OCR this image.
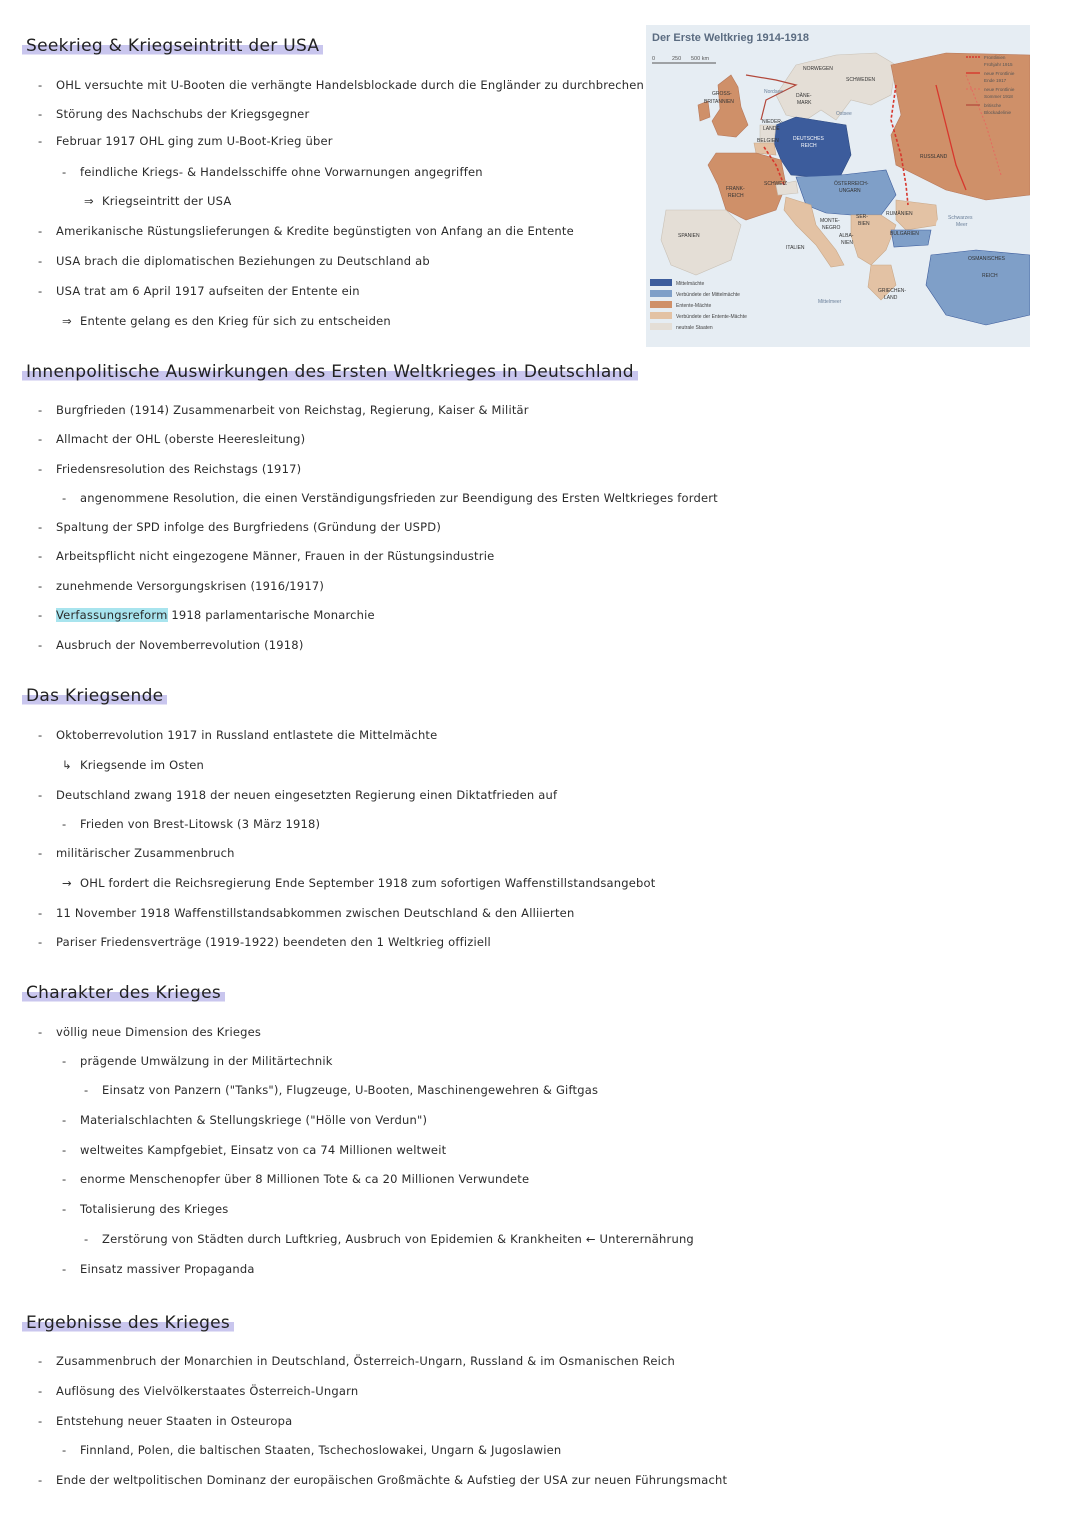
Der Erste Weltkrieg 1914-1918
0	250 500 km
NORWEGEN
SCHWEDEN
GROSS-
BRITANNIEN
DÄNE-
MARK
NIEDER-
LANDE
BELGIEN	DEUTSCHES
REICH
RUSSLAND
FRANK-
REICH
SCHWEIZ	ÖSTERREICH-
UNGARN
SPANIEN
MONTE-
NEGRO
SER-
BIEN
RUMÄNIEN
BULGARIEN
ALBA-
NIEN
ITALIEN
GRIECHEN-
LAND
OSMANISCHES
REICH
Nordsee
Ostsee
Schwarzes
Meer
Mittelmeer
Frontlinien
Frühjahr 1915
neue Frontlinie
Ende 1917
neue Frontlinie
Sommer 1918
britische
Blockadelinie
Mittelmächte
Verbündete der Mittelmächte
Entente-Mächte
Verbündete der Entente-Mächte
neutrale Staaten
Seekrieg & Kriegseintritt der USA
- OHL versuchte mit U-Booten die verhängte Handelsblockade durch die Engländer zu durchbrechen
- Störung des Nachschubs der Kriegsgegner
- Februar 1917 OHL ging zum U-Boot-Krieg über
- feindliche Kriegs- & Handelsschiffe ohne Vorwarnungen angegriffen
⇒ Kriegseintritt der USA
- Amerikanische Rüstungslieferungen & Kredite begünstigten von Anfang an die Entente
- USA brach die diplomatischen Beziehungen zu Deutschland ab
- USA trat am 6 April 1917 aufseiten der Entente ein
⇒ Entente gelang es den Krieg für sich zu entscheiden
Innenpolitische Auswirkungen des Ersten Weltkrieges in Deutschland
- Burgfrieden (1914) Zusammenarbeit von Reichstag, Regierung, Kaiser & Militär
- Allmacht der OHL (oberste Heeresleitung)
- Friedensresolution des Reichstags (1917)
- angenommene Resolution, die einen Verständigungsfrieden zur Beendigung des Ersten Weltkrieges fordert
- Spaltung der SPD infolge des Burgfriedens (Gründung der USPD)
- Arbeitspflicht nicht eingezogene Männer, Frauen in der Rüstungsindustrie
- zunehmende Versorgungskrisen (1916/1917)
- Verfassungsreform 1918 parlamentarische Monarchie
- Ausbruch der Novemberrevolution (1918)
Das Kriegsende
- Oktoberrevolution 1917 in Russland entlastete die Mittelmächte
↳ Kriegsende im Osten
- Deutschland zwang 1918 der neuen eingesetzten Regierung einen Diktatfrieden auf
- Frieden von Brest-Litowsk (3 März 1918)
- militärischer Zusammenbruch
→ OHL fordert die Reichsregierung Ende September 1918 zum sofortigen Waffenstillstandsangebot
- 11 November 1918 Waffenstillstandsabkommen zwischen Deutschland & den Alliierten
- Pariser Friedensverträge (1919-1922) beendeten den 1 Weltkrieg offiziell
Charakter des Krieges
- völlig neue Dimension des Krieges
- prägende Umwälzung in der Militärtechnik
- Einsatz von Panzern ("Tanks"), Flugzeuge, U-Booten, Maschinengewehren & Giftgas
- Materialschlachten & Stellungskriege ("Hölle von Verdun")
- weltweites Kampfgebiet, Einsatz von ca 74 Millionen weltweit
- enorme Menschenopfer über 8 Millionen Tote & ca 20 Millionen Verwundete
- Totalisierung des Krieges
- Zerstörung von Städten durch Luftkrieg, Ausbruch von Epidemien & Krankheiten ← Unterernährung
- Einsatz massiver Propaganda
Ergebnisse des Krieges
- Zusammenbruch der Monarchien in Deutschland, Österreich-Ungarn, Russland & im Osmanischen Reich
- Auflösung des Vielvölkerstaates Österreich-Ungarn
- Entstehung neuer Staaten in Osteuropa
- Finnland, Polen, die baltischen Staaten, Tschechoslowakei, Ungarn & Jugoslawien
- Ende der weltpolitischen Dominanz der europäischen Großmächte & Aufstieg der USA zur neuen Führungsmacht
